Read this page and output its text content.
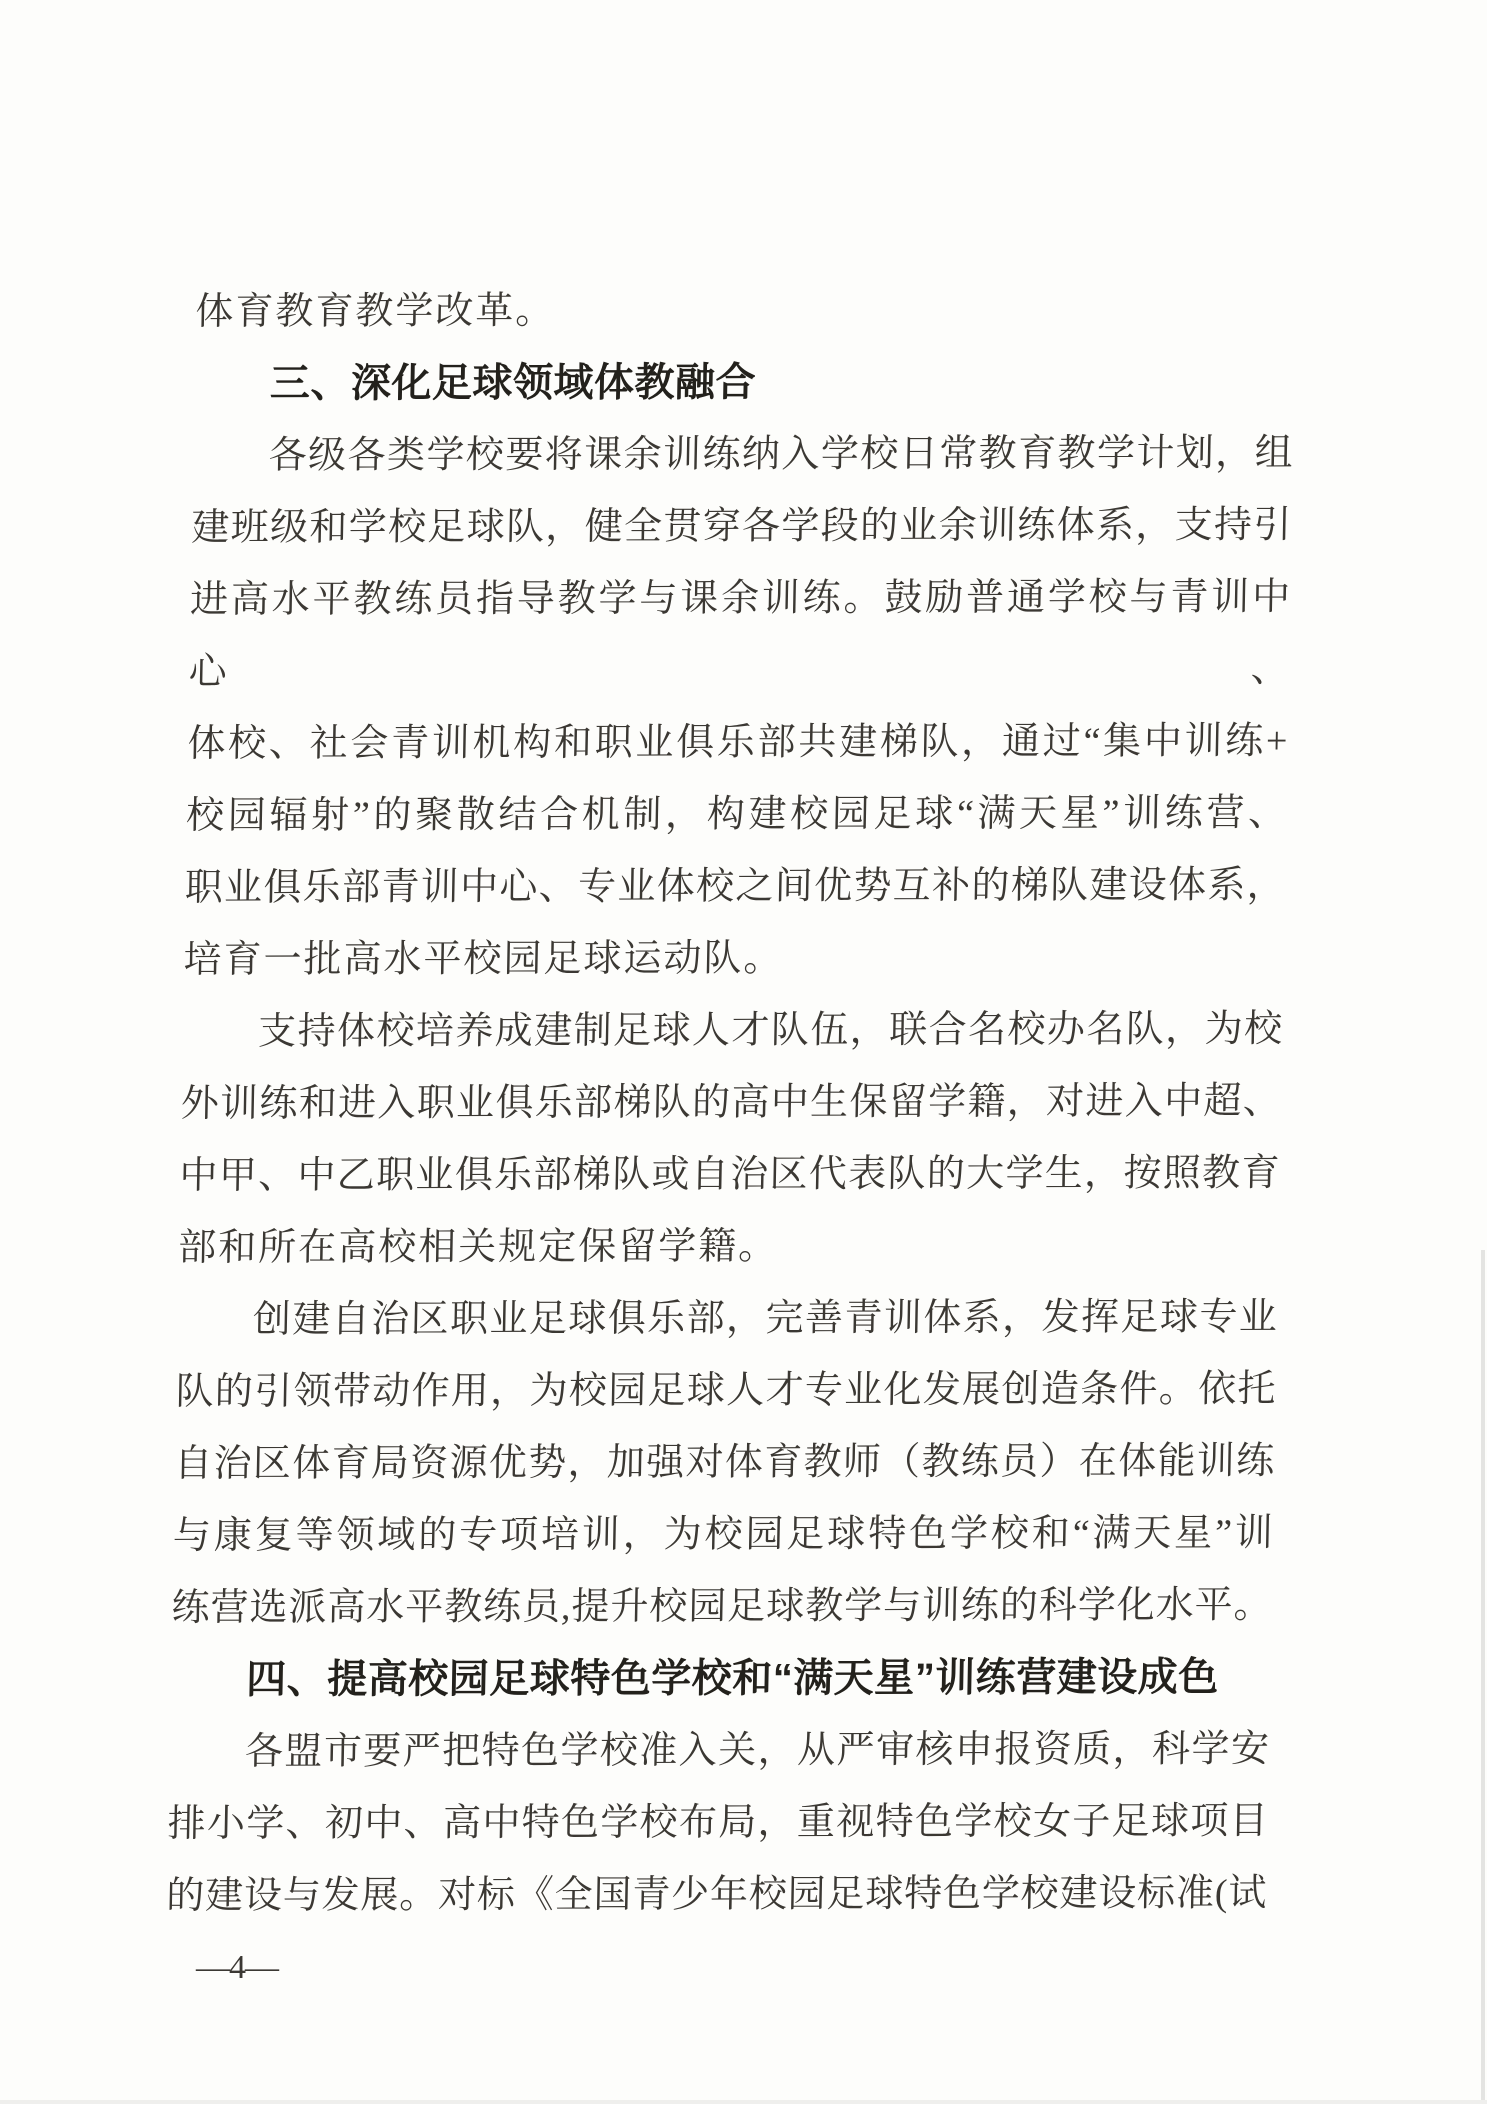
体育教育教学改革。
三、深化足球领域体教融合
各级各类学校要将课余训练纳入学校日常教育教学计划，组
建班级和学校足球队，健全贯穿各学段的业余训练体系，支持引
进高水平教练员指导教学与课余训练。鼓励普通学校与青训中心、
体校、社会青训机构和职业俱乐部共建梯队，通过“集中训练+
校园辐射”的聚散结合机制，构建校园足球“满天星”训练营、
职业俱乐部青训中心、专业体校之间优势互补的梯队建设体系，
培育一批高水平校园足球运动队。
支持体校培养成建制足球人才队伍，联合名校办名队，为校
外训练和进入职业俱乐部梯队的高中生保留学籍，对进入中超、
中甲、中乙职业俱乐部梯队或自治区代表队的大学生，按照教育
部和所在高校相关规定保留学籍。
创建自治区职业足球俱乐部，完善青训体系，发挥足球专业
队的引领带动作用，为校园足球人才专业化发展创造条件。依托
自治区体育局资源优势，加强对体育教师（教练员）在体能训练
与康复等领域的专项培训，为校园足球特色学校和“满天星”训
练营选派高水平教练员,提升校园足球教学与训练的科学化水平。
四、提高校园足球特色学校和“满天星”训练营建设成色
各盟市要严把特色学校准入关，从严审核申报资质，科学安
排小学、初中、高中特色学校布局，重视特色学校女子足球项目
的建设与发展。对标《全国青少年校园足球特色学校建设标准(试
—4—
